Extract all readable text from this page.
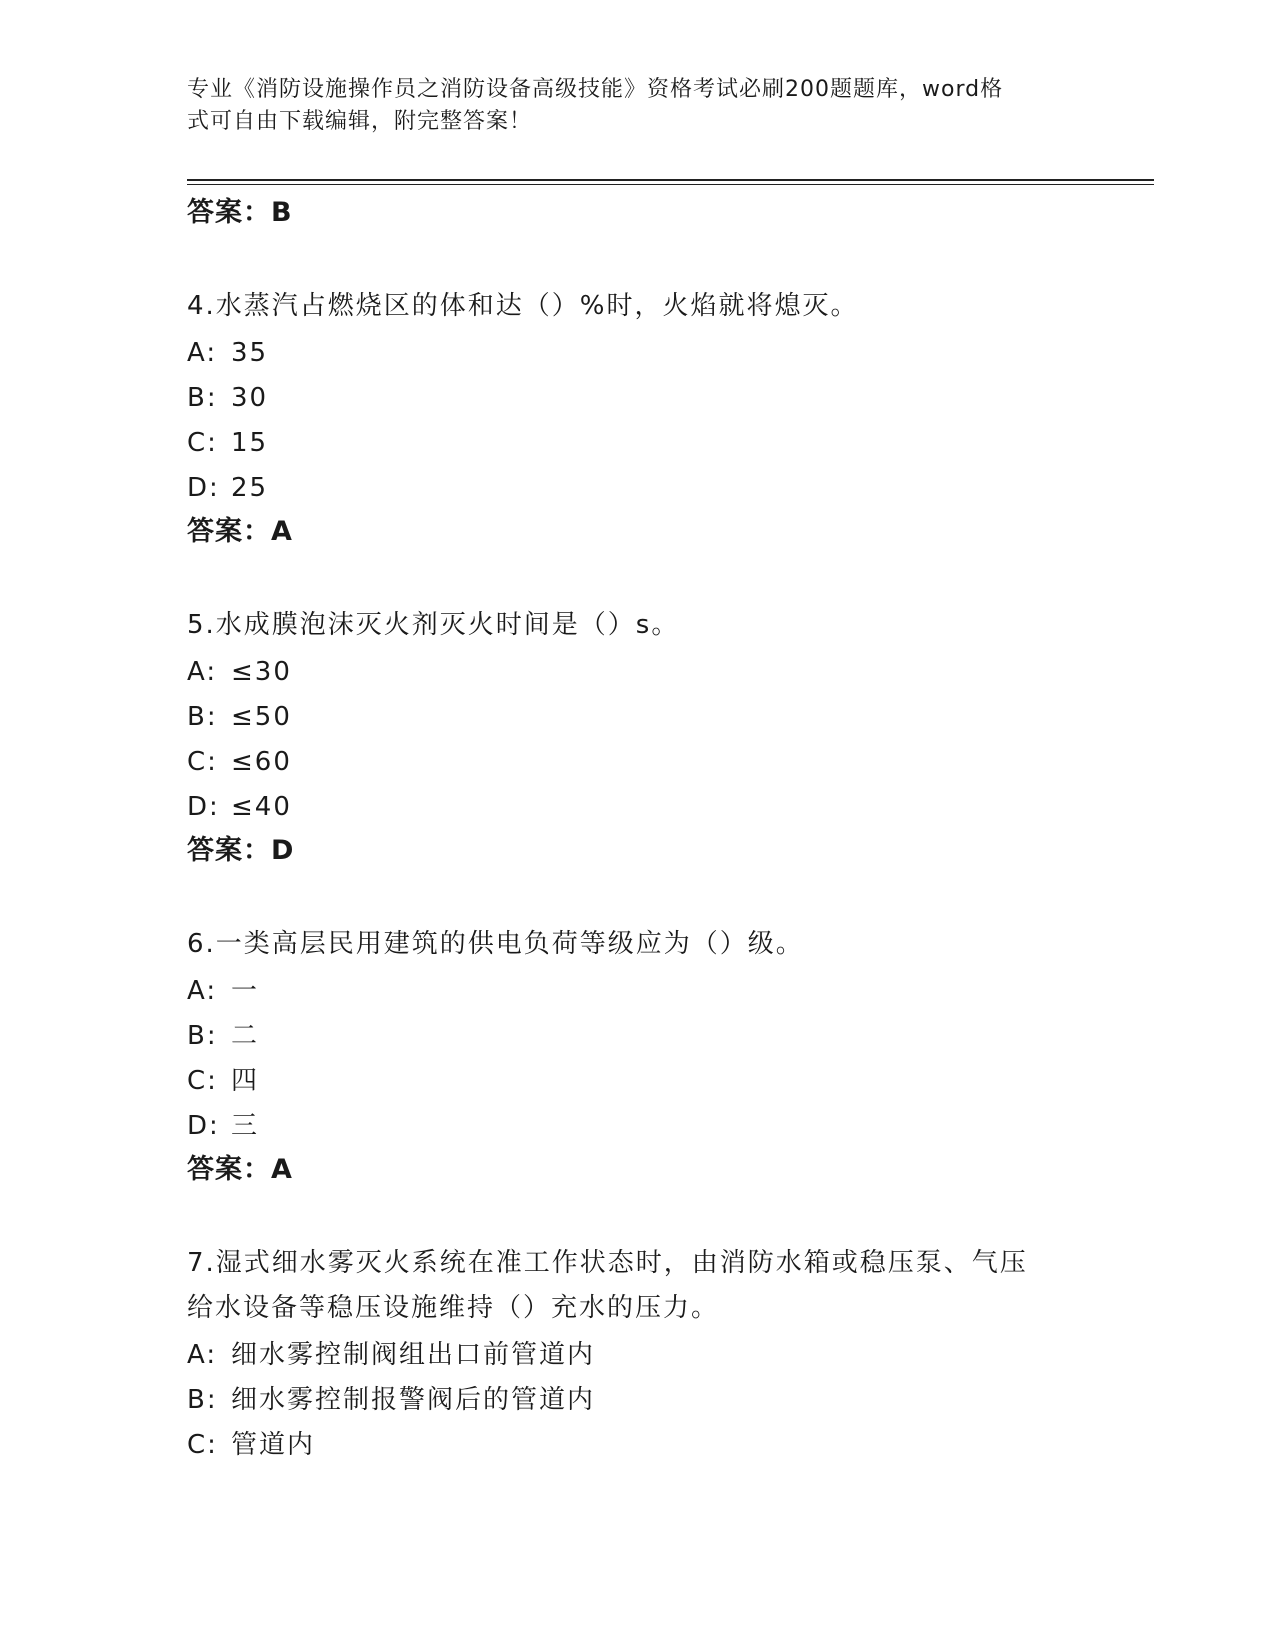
专业《消防设施操作员之消防设备高级技能》资格考试必刷200题题库，word格
式可自由下载编辑，附完整答案！
答案：B
4.水蒸汽占燃烧区的体和达（）%时，火焰就将熄灭。
A: 35
B: 30
C: 15
D: 25
答案：A
5.水成膜泡沫灭火剂灭火时间是（）s。
A: ≤30
B: ≤50
C: ≤60
D: ≤40
答案：D
6.一类高层民用建筑的供电负荷等级应为（）级。
A: 一
B: 二
C: 四
D: 三
答案：A
7.湿式细水雾灭火系统在准工作状态时，由消防水箱或稳压泵、气压
给水设备等稳压设施维持（）充水的压力。
A: 细水雾控制阀组出口前管道内
B: 细水雾控制报警阀后的管道内
C: 管道内
